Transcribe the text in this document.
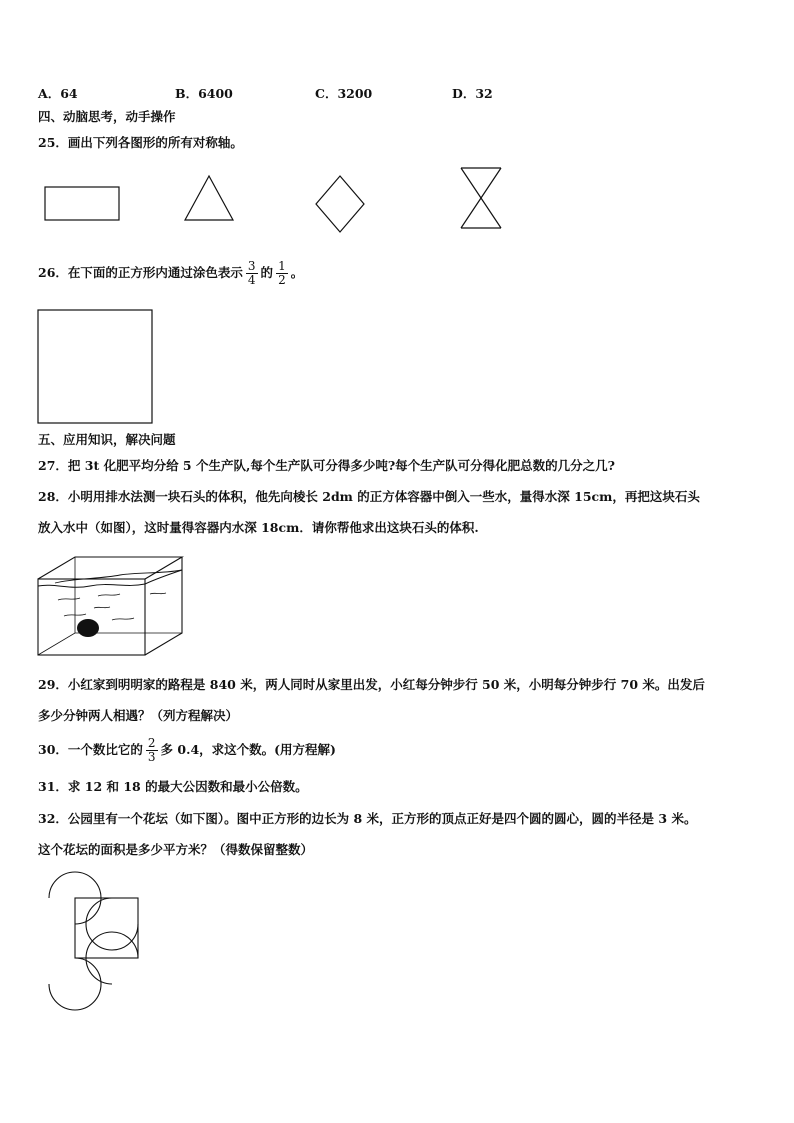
A．64	B．6400	C．3200	D．32
四、动脑思考，动手操作
25．画出下列各图形的所有对称轴。
26．在下面的正方形内通过涂色表示 $\frac{3}{4}$ 的 $\frac{1}{2}$ 。
五、应用知识，解决问题
27．把 3t 化肥平均分给 5 个生产队,每个生产队可分得多少吨?每个生产队可分得化肥总数的几分之几?
28．小明用排水法测一块石头的体积，他先向棱长 2dm 的正方体容器中倒入一些水，量得水深 15cm，再把这块石头
放入水中（如图），这时量得容器内水深 18cm．请你帮他求出这块石头的体积.
29．小红家到明明家的路程是 840 米，两人同时从家里出发，小红每分钟步行 50 米，小明每分钟步行 70 米。出发后
多少分钟两人相遇？（列方程解决）
30．一个数比它的 $\frac{2}{3}$ 多 0.4，求这个数。(用方程解)
31．求 12 和 18 的最大公因数和最小公倍数。
32．公园里有一个花坛（如下图）。图中正方形的边长为 8 米，正方形的顶点正好是四个圆的圆心，圆的半径是 3 米。
这个花坛的面积是多少平方米？（得数保留整数）
